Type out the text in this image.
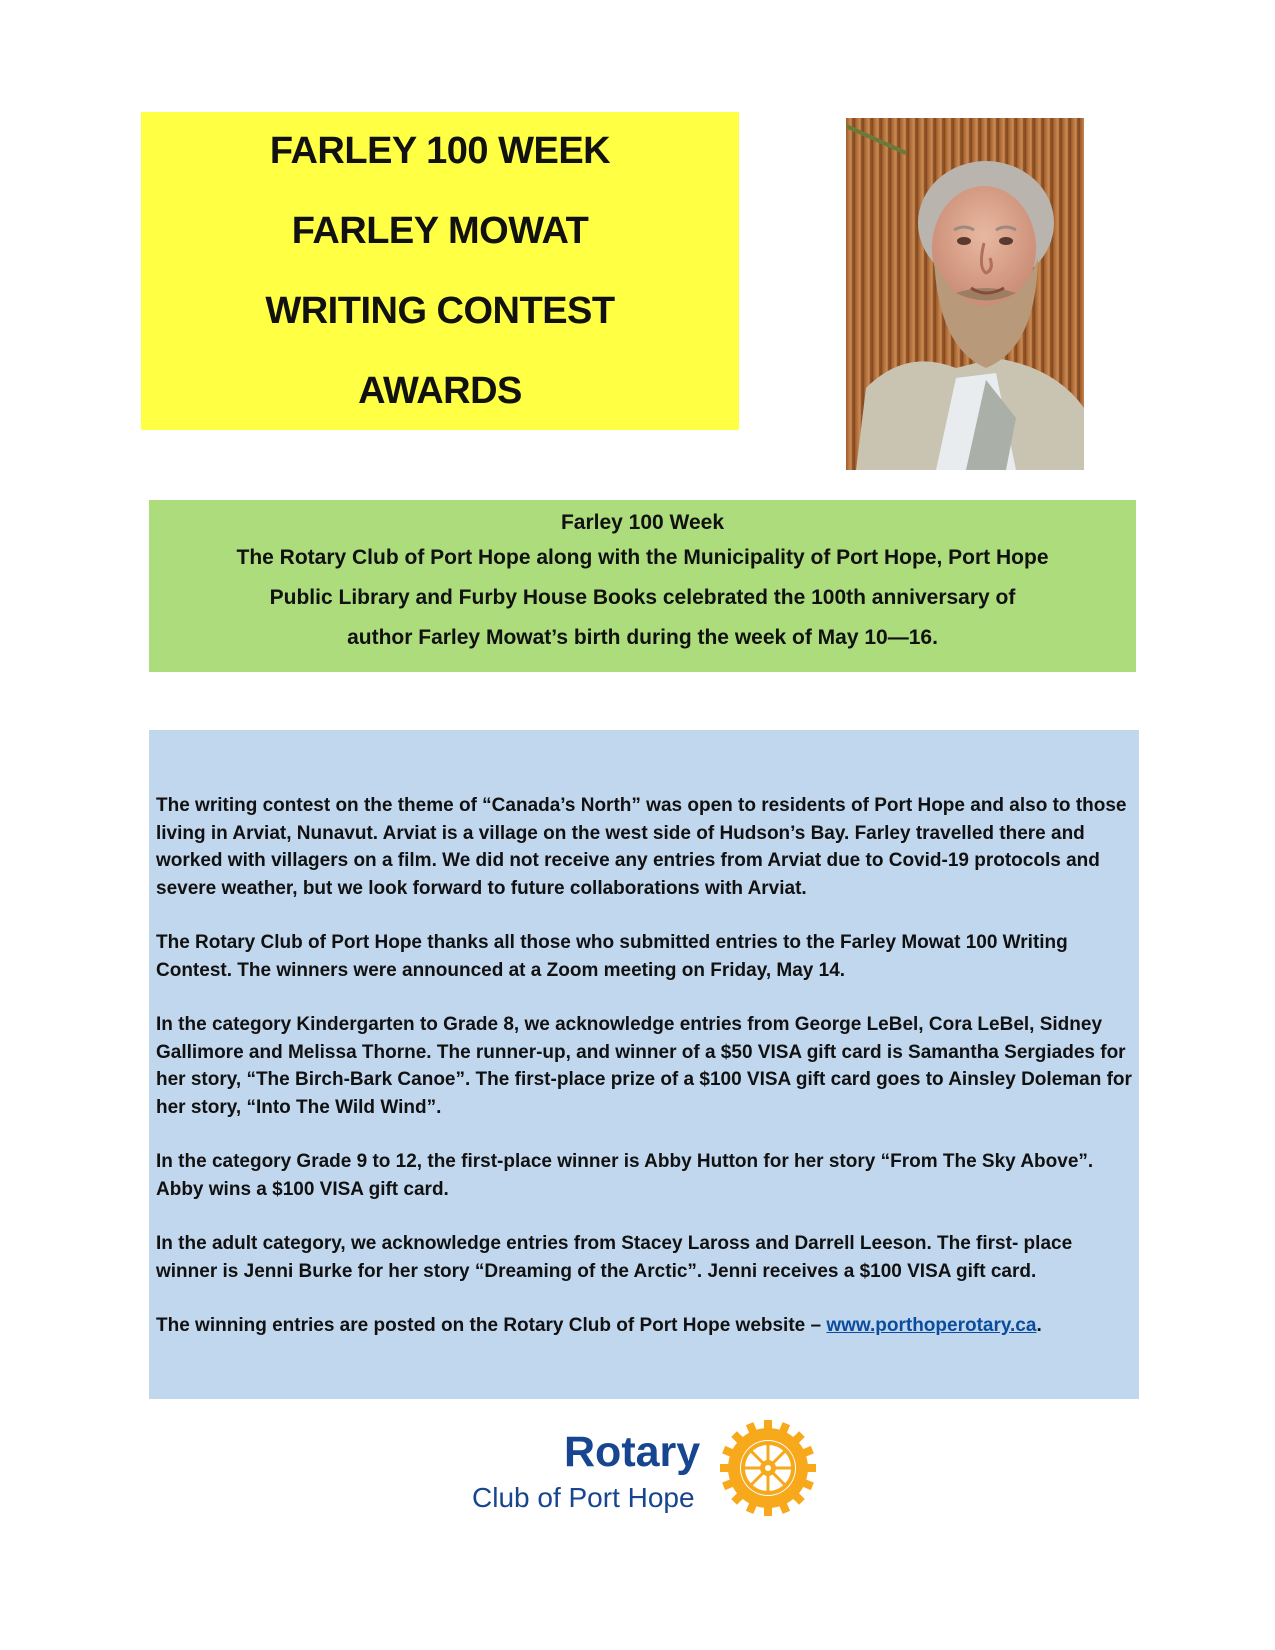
FARLEY 100 WEEK
FARLEY MOWAT
WRITING CONTEST
AWARDS
Farley 100 Week
The Rotary Club of Port Hope along with the Municipality of Port Hope, Port Hope
Public Library and Furby House Books celebrated the 100th anniversary of
author Farley Mowat’s birth during the week of May 10—16.

The writing contest on the theme of “Canada’s North” was open to residents of Port Hope and also to those living in Arviat, Nunavut. Arviat is a village on the west side of Hudson’s Bay. Farley travelled there and worked with villagers on a film. We did not receive any entries from Arviat due to Covid-19 protocols and severe weather, but we look forward to future collaborations with Arviat.

The Rotary Club of Port Hope thanks all those who submitted entries to the Farley Mowat 100 Writing Contest. The winners were announced at a Zoom meeting on Friday, May 14.

In the category Kindergarten to Grade 8, we acknowledge entries from George LeBel, Cora LeBel, Sidney Gallimore and Melissa Thorne. The runner-up, and winner of a $50 VISA gift card is Samantha Sergiades for her story, “The Birch-Bark Canoe”. The first-place prize of a $100 VISA gift card goes to Ainsley Doleman for her story, “Into The Wild Wind”.

In the category Grade 9 to 12, the first-place winner is Abby Hutton for her story “From The Sky Above”. Abby wins a $100 VISA gift card.

In the adult category, we acknowledge entries from Stacey Laross and Darrell Leeson. The first- place winner is Jenni Burke for her story “Dreaming of the Arctic”. Jenni receives a $100 VISA gift card.

The winning entries are posted on the Rotary Club of Port Hope website – www.porthoperotary.ca.

Rotary
Club of Port Hope
